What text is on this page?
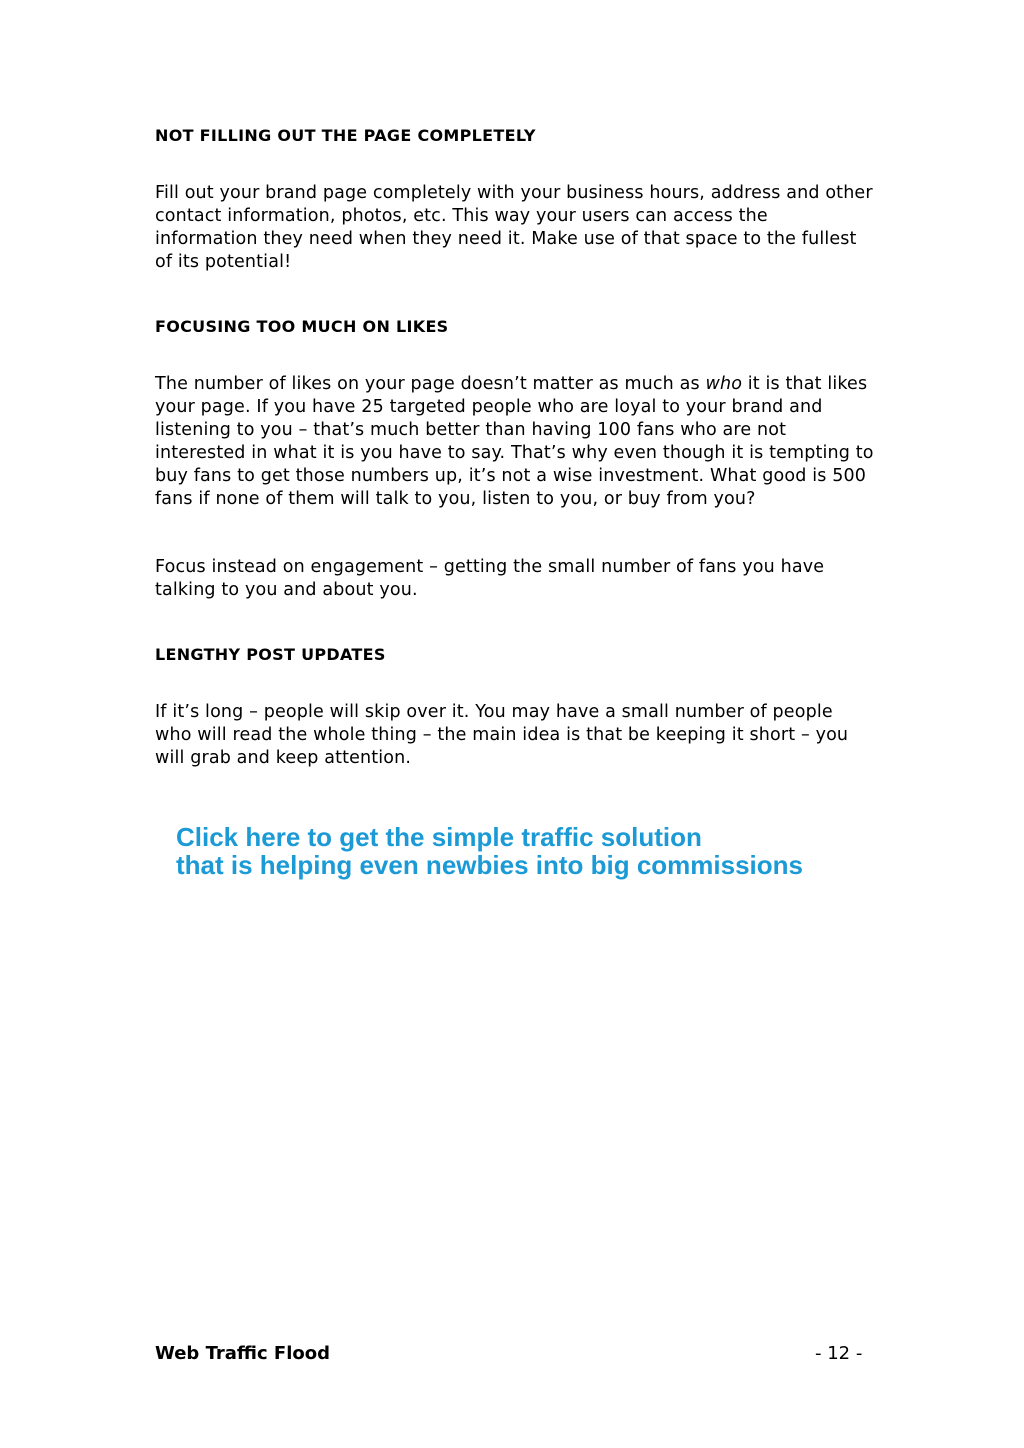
NOT FILLING OUT THE PAGE COMPLETELY

Fill out your brand page completely with your business hours, address and other contact information, photos, etc. This way your users can access the information they need when they need it. Make use of that space to the fullest of its potential!

FOCUSING TOO MUCH ON LIKES

The number of likes on your page doesn’t matter as much as who it is that likes your page. If you have 25 targeted people who are loyal to your brand and listening to you – that’s much better than having 100 fans who are not interested in what it is you have to say. That’s why even though it is tempting to buy fans to get those numbers up, it’s not a wise investment. What good is 500 fans if none of them will talk to you, listen to you, or buy from you?

Focus instead on engagement – getting the small number of fans you have talking to you and about you.

LENGTHY POST UPDATES

If it’s long – people will skip over it. You may have a small number of people who will read the whole thing – the main idea is that be keeping it short – you will grab and keep attention.

Click here to get the simple traffic solution
that is helping even newbies into big commissions
Web Traffic Flood	- 12 -
